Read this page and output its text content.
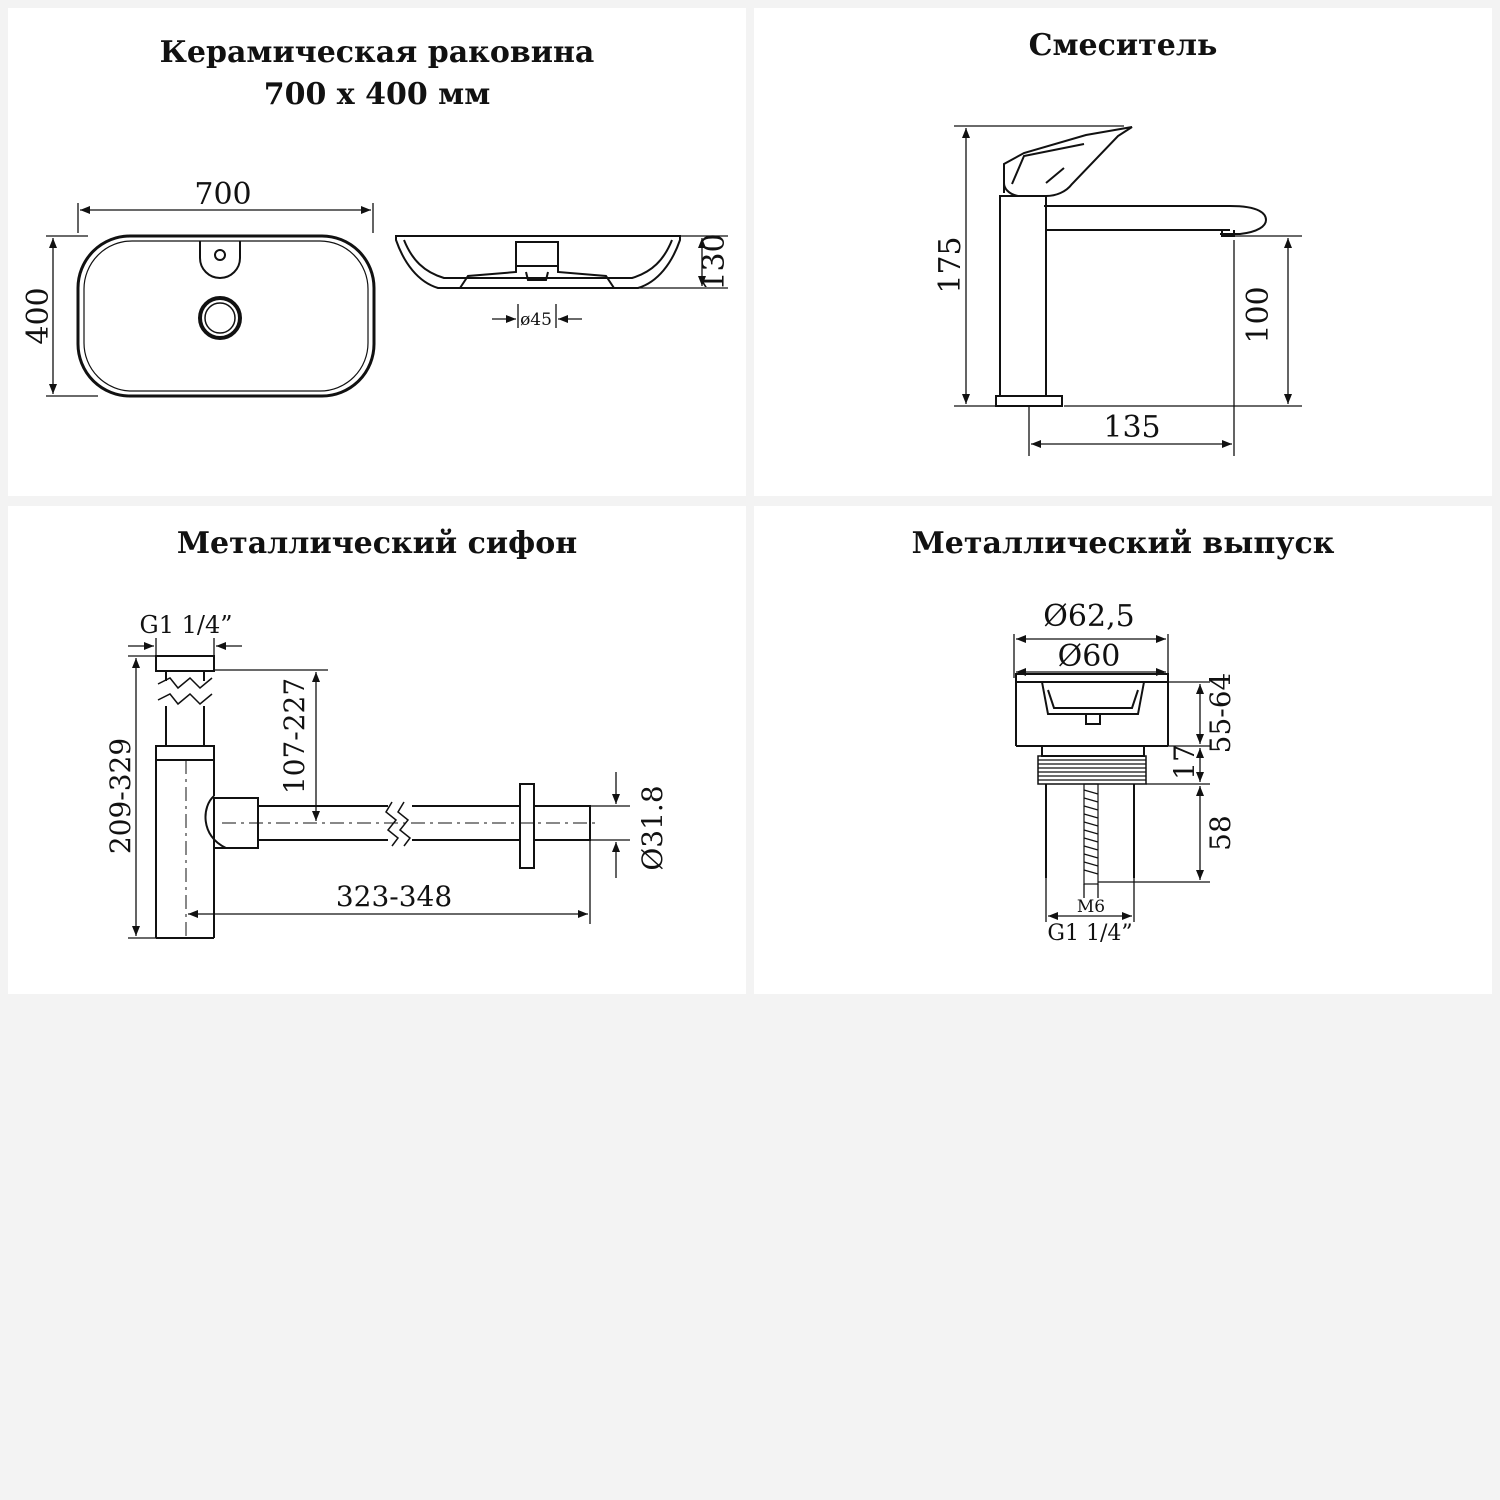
Керамическая раковина
700 х 400 мм
700
400
130
ø45
Смеситель
175
100
135
Металлический сифон
G1 1/4”
209-329
107-227
323-348
Ø31.8
Металлический выпуск
Ø62,5
Ø60
55-64
17
58
M6
G1 1/4”
